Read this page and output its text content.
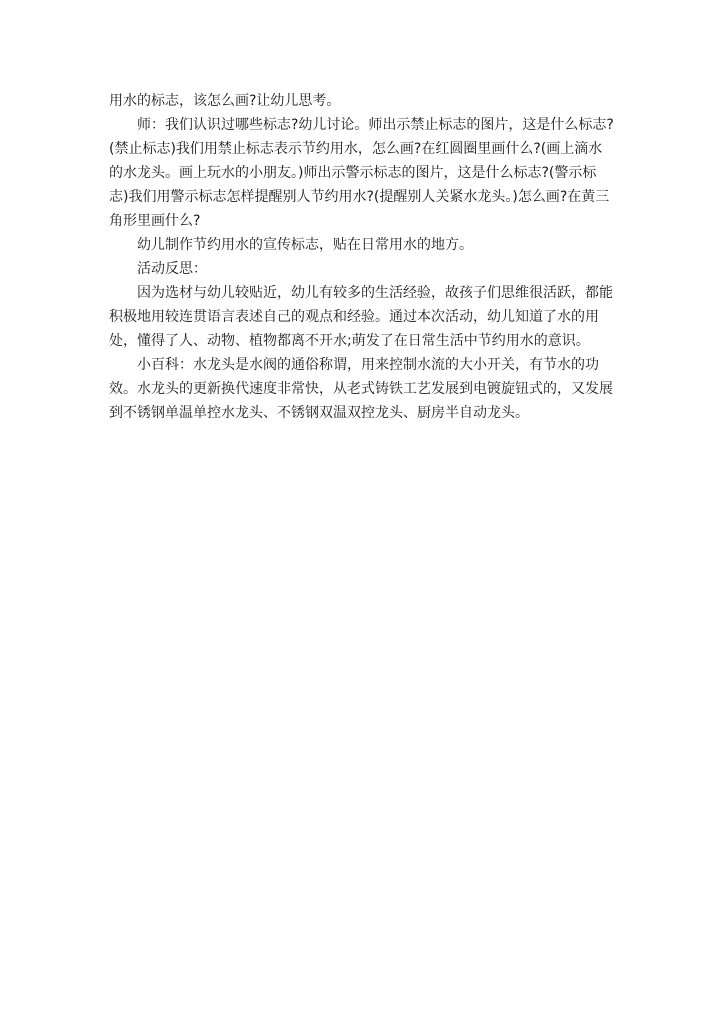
用水的标志，该怎么画?让幼儿思考。

师：我们认识过哪些标志?幼儿讨论。师出示禁止标志的图片，这是什么标志?(禁止标志)我们用禁止标志表示节约用水，怎么画?在红圆圈里画什么?(画上滴水的水龙头。画上玩水的小朋友。)师出示警示标志的图片，这是什么标志?(警示标志)我们用警示标志怎样提醒别人节约用水?(提醒别人关紧水龙头。)怎么画?在黄三角形里画什么?

幼儿制作节约用水的宣传标志，贴在日常用水的地方。

活动反思：

因为选材与幼儿较贴近，幼儿有较多的生活经验，故孩子们思维很活跃，都能积极地用较连贯语言表述自己的观点和经验。通过本次活动，幼儿知道了水的用处，懂得了人、动物、植物都离不开水;萌发了在日常生活中节约用水的意识。

小百科：水龙头是水阀的通俗称谓，用来控制水流的大小开关，有节水的功效。水龙头的更新换代速度非常快，从老式铸铁工艺发展到电镀旋钮式的，又发展到不锈钢单温单控水龙头、不锈钢双温双控龙头、厨房半自动龙头。
